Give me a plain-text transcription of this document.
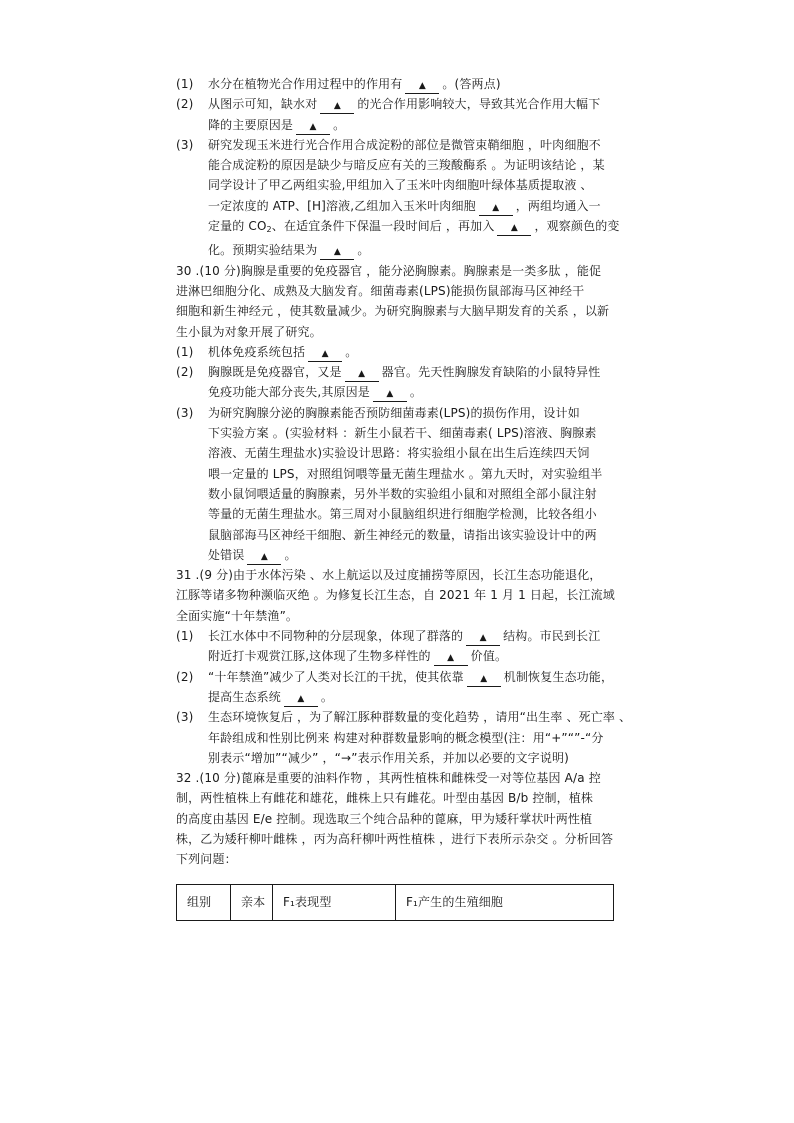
(1) 水分在植物光合作用过程中的作用有 ▲ 。(答两点)
(2) 从图示可知，缺水对 ▲ 的光合作用影响较大，导致其光合作用大幅下
降的主要原因是 ▲ 。
(3) 研究发现玉米进行光合作用合成淀粉的部位是微管束鞘细胞 ，叶肉细胞不
能合成淀粉的原因是缺少与暗反应有关的三羧酸酶系 。为证明该结论 ，某
同学设计了甲乙两组实验,甲组加入了玉米叶肉细胞叶绿体基质提取液 、
一定浓度的 ATP、[H]溶液,乙组加入玉米叶肉细胞 ▲ ，两组均通入一
定量的 $CO_2$、在适宜条件下保温一段时间后 ，再加入 ▲ ，观察颜色的变
化。预期实验结果为 ▲ 。
30 .(10 分)胸腺是重要的免疫器官 ，能分泌胸腺素。胸腺素是一类多肽 ，能促
进淋巴细胞分化、成熟及大脑发育。细菌毒素(LPS)能损伤鼠部海马区神经干
细胞和新生神经元 ，使其数量减少。为研究胸腺素与大脑早期发育的关系 ，以新
生小鼠为对象开展了研究。
(1) 机体免疫系统包括 ▲ 。
(2) 胸腺既是免疫器官，又是 ▲ 器官。先天性胸腺发育缺陷的小鼠特异性
免疫功能大部分丧失,其原因是 ▲ 。
(3) 为研究胸腺分泌的胸腺素能否预防细菌毒素(LPS)的损伤作用，设计如
下实验方案 。(实验材料 ：新生小鼠若干、细菌毒素( LPS)溶液、胸腺素
溶液、无菌生理盐水)实验设计思路：将实验组小鼠在出生后连续四天饲
喂一定量的 LPS，对照组饲喂等量无菌生理盐水 。第九天时，对实验组半
数小鼠饲喂适量的胸腺素，另外半数的实验组小鼠和对照组全部小鼠注射
等量的无菌生理盐水。第三周对小鼠脑组织进行细胞学检测，比较各组小
鼠脑部海马区神经干细胞、新生神经元的数量，请指出该实验设计中的两
处错误 ▲ 。
31 .(9 分)由于水体污染 、水上航运以及过度捕捞等原因，长江生态功能退化，
江豚等诸多物种濒临灭绝 。为修复长江生态，自 2021 年 1 月 1 日起，长江流域
全面实施“十年禁渔”。
(1) 长江水体中不同物种的分层现象，体现了群落的 ▲ 结构。市民到长江
附近打卡观赏江豚,这体现了生物多样性的 ▲ 价值。
(2) “十年禁渔”减少了人类对长江的干扰，使其依靠 ▲ 机制恢复生态功能，
提高生态系统 ▲ 。
(3) 生态环境恢复后 ，为了解江豚种群数量的变化趋势 ，请用“出生率 、死亡率 、
年龄组成和性别比例来 构建对种群数量影响的概念模型(注：用“+”“”-“分
别表示“增加”“减少” ，“→”表示作用关系，并加以必要的文字说明)
32 .(10 分)蓖麻是重要的油料作物 ，其两性植株和雌株受一对等位基因 A/a 控
制，两性植株上有雌花和雄花，雌株上只有雌花。叶型由基因 B/b 控制，植株
的高度由基因 E/e 控制。现选取三个纯合品种的蓖麻，甲为矮秆掌状叶两性植
株，乙为矮秆柳叶雌株 ，丙为高秆柳叶两性植株 ，进行下表所示杂交 。分析回答
下列问题：
组别	亲本	F₁表现型	F₁产生的生殖细胞
